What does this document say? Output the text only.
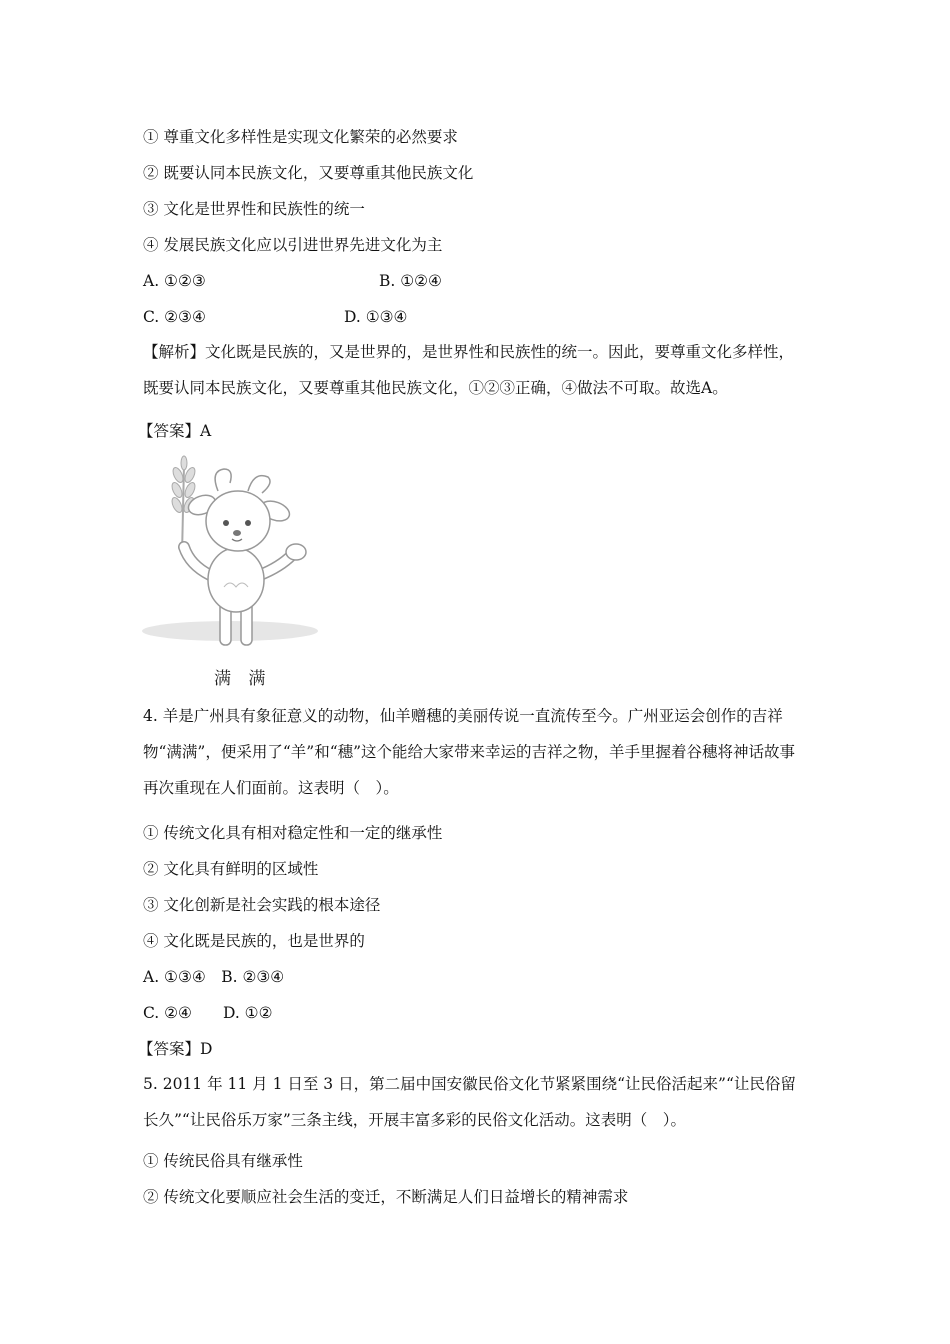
① 尊重文化多样性是实现文化繁荣的必然要求
② 既要认同本民族文化，又要尊重其他民族文化
③ 文化是世界性和民族性的统一
④ 发展民族文化应以引进世界先进文化为主
A. ①②③	B. ①②④
C. ②③④	D. ①③④
【解析】文化既是民族的，又是世界的，是世界性和民族性的统一。因此，要尊重文化多样性，既要认同本民族文化，又要尊重其他民族文化，①②③正确，④做法不可取。故选A。
【答案】A
满 满
4. 羊是广州具有象征意义的动物，仙羊赠穗的美丽传说一直流传至今。广州亚运会创作的吉祥物“满满”，便采用了“羊”和“穗”这个能给大家带来幸运的吉祥之物，羊手里握着谷穗将神话故事再次重现在人们面前。这表明（　）。
① 传统文化具有相对稳定性和一定的继承性
② 文化具有鲜明的区域性
③ 文化创新是社会实践的根本途径
④ 文化既是民族的，也是世界的
A. ①③④　B. ②③④
C. ②④　　D. ①②
【答案】D
5. 2011 年 11 月 1 日至 3 日，第二届中国安徽民俗文化节紧紧围绕“让民俗活起来”“让民俗留长久”“让民俗乐万家”三条主线，开展丰富多彩的民俗文化活动。这表明（　）。
① 传统民俗具有继承性
② 传统文化要顺应社会生活的变迁，不断满足人们日益增长的精神需求
